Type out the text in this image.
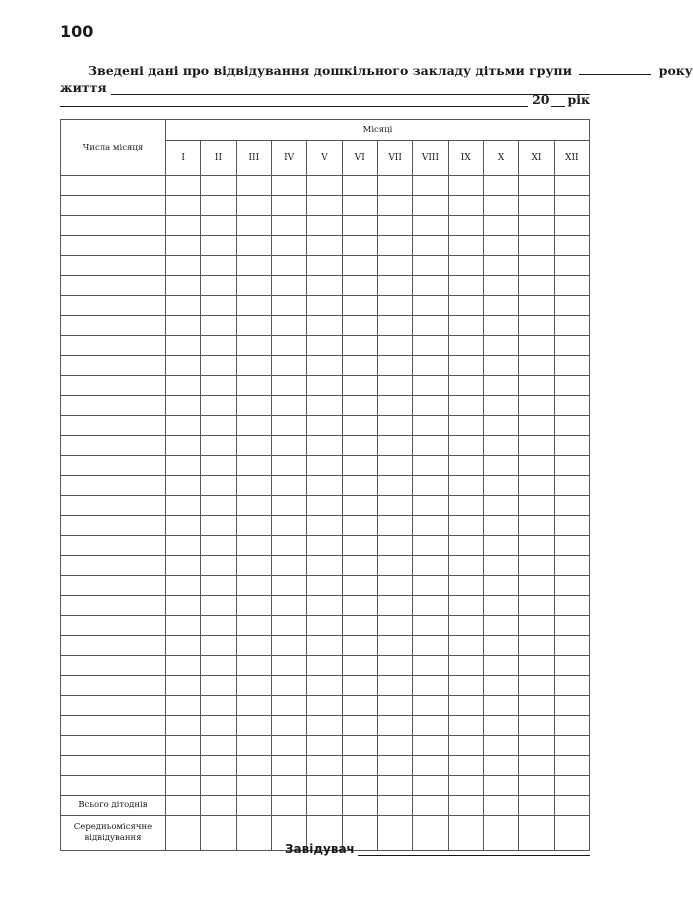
100
Зведені дані про відвідування дошкільного закладу дітьми групи	року
життя
20 рік
Числа місяця	Місяці											
	I	II	III	IV	V	VI	VII	VIII	IX	X	XI	XII

Всього дітоднів												
Середньомісячне відвідування												
Завідувач
